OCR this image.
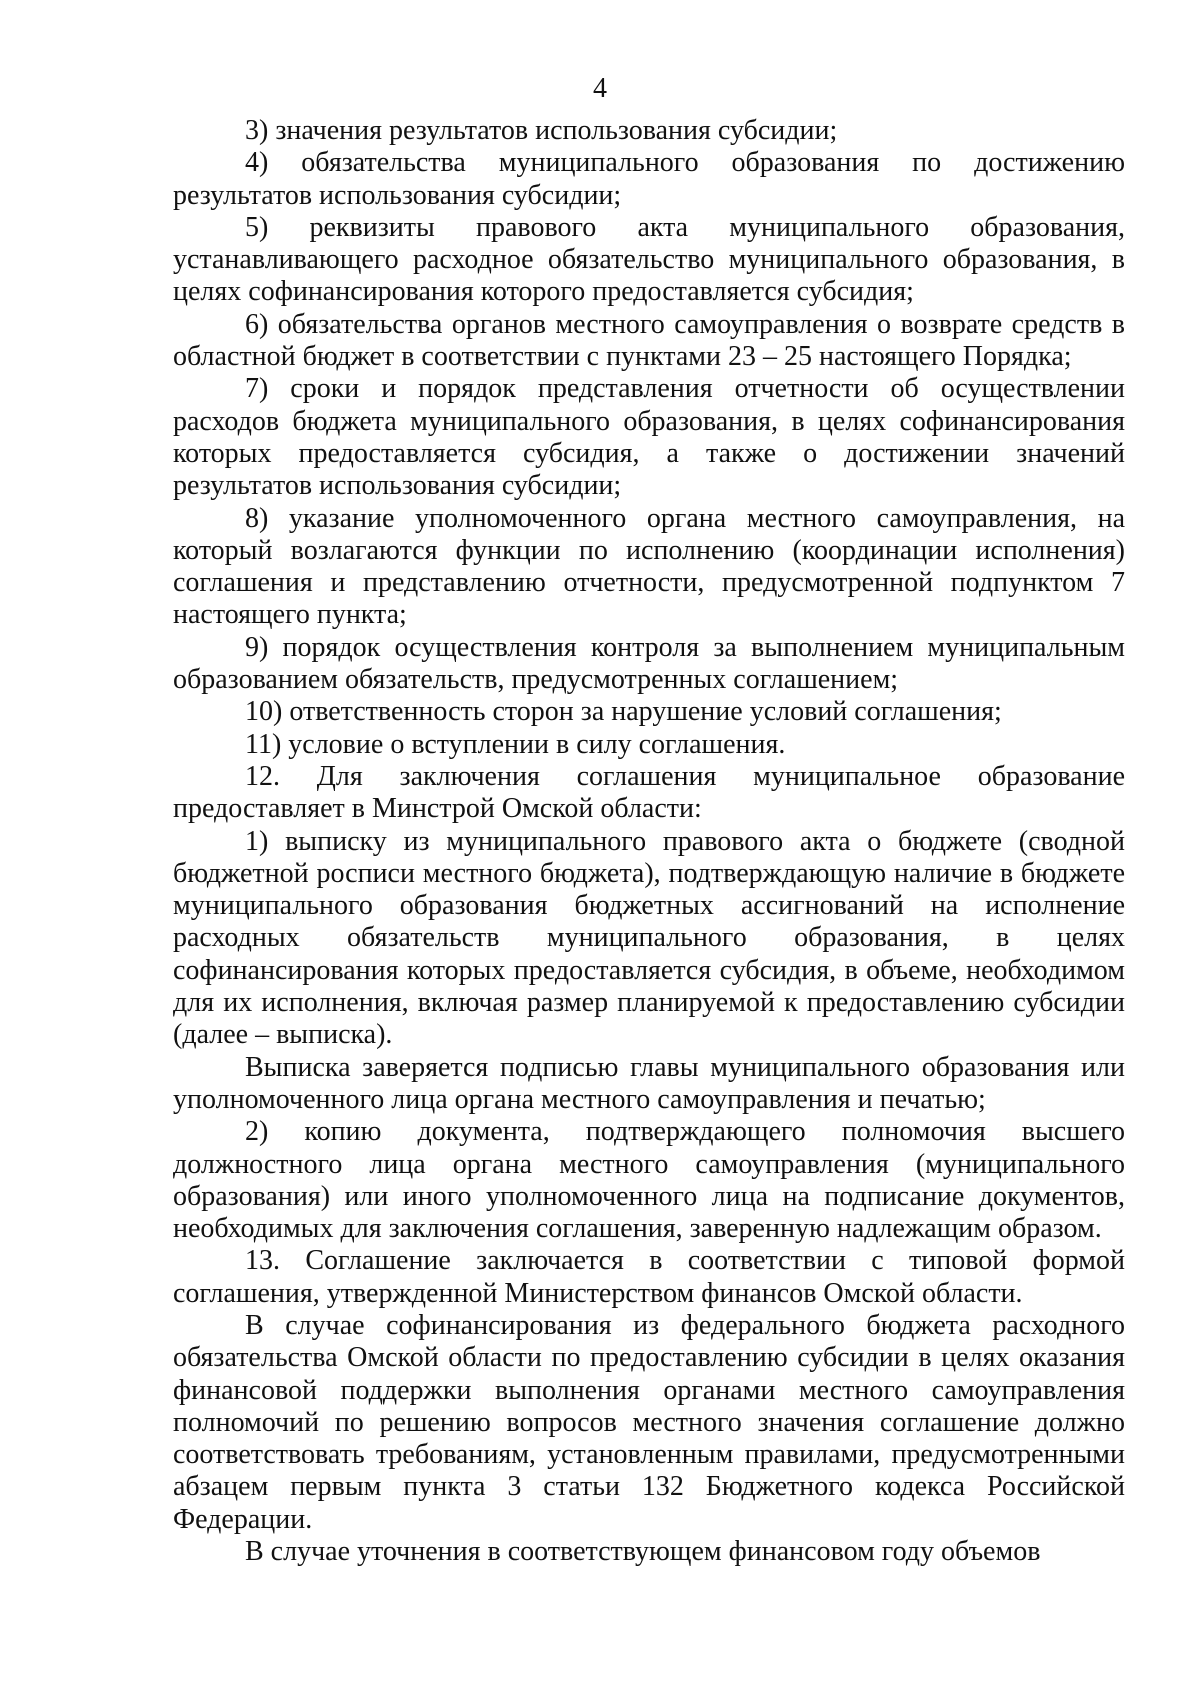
4

3) значения результатов использования субсидии;

4) обязательства муниципального образования по достижению результатов использования субсидии;

5) реквизиты правового акта муниципального образования, устанавливающего расходное обязательство муниципального образования, в целях софинансирования которого предоставляется субсидия;

6) обязательства органов местного самоуправления о возврате средств в областной бюджет в соответствии с пунктами 23 – 25 настоящего Порядка;

7) сроки и порядок представления отчетности об осуществлении расходов бюджета муниципального образования, в целях софинансирования которых предоставляется субсидия, а также о достижении значений результатов использования субсидии;

8) указание уполномоченного органа местного самоуправления, на который возлагаются функции по исполнению (координации исполнения) соглашения и представлению отчетности, предусмотренной подпунктом 7 настоящего пункта;

9) порядок осуществления контроля за выполнением муниципальным образованием обязательств, предусмотренных соглашением;

10) ответственность сторон за нарушение условий соглашения;

11) условие о вступлении в силу соглашения.

12. Для заключения соглашения муниципальное образование предоставляет в Минстрой Омской области:

1) выписку из муниципального правового акта о бюджете (сводной бюджетной росписи местного бюджета), подтверждающую наличие в бюджете муниципального образования бюджетных ассигнований на исполнение расходных обязательств муниципального образования, в целях софинансирования которых предоставляется субсидия, в объеме, необходимом для их исполнения, включая размер планируемой к предоставлению субсидии (далее – выписка).

Выписка заверяется подписью главы муниципального образования или уполномоченного лица органа местного самоуправления и печатью;

2) копию документа, подтверждающего полномочия высшего должностного лица органа местного самоуправления (муниципального образования) или иного уполномоченного лица на подписание документов, необходимых для заключения соглашения, заверенную надлежащим образом.

13. Соглашение заключается в соответствии с типовой формой соглашения, утвержденной Министерством финансов Омской области.

В случае софинансирования из федерального бюджета расходного обязательства Омской области по предоставлению субсидии в целях оказания финансовой поддержки выполнения органами местного самоуправления полномочий по решению вопросов местного значения соглашение должно соответствовать требованиям, установленным правилами, предусмотренными абзацем первым пункта 3 статьи 132 Бюджетного кодекса Российской Федерации.

В случае уточнения в соответствующем финансовом году объемов
